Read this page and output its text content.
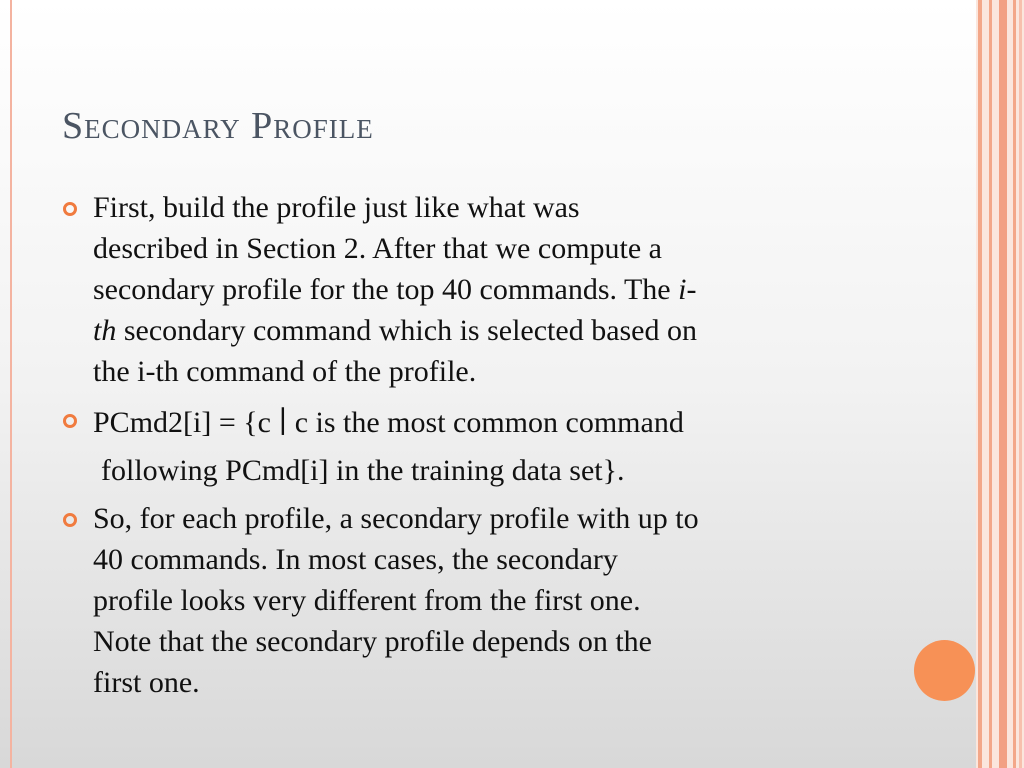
Secondary Profile
First, build the profile just like what was
described in Section 2. After that we compute a
secondary profile for the top 40 commands. The i-
th secondary command which is selected based on
the i-th command of the profile.
PCmd2[i] = {c ∣ c is the most common command
following PCmd[i] in the training data set}.
So, for each profile, a secondary profile with up to
40 commands. In most cases, the secondary
profile looks very different from the first one.
Note that the secondary profile depends on the
first one.
